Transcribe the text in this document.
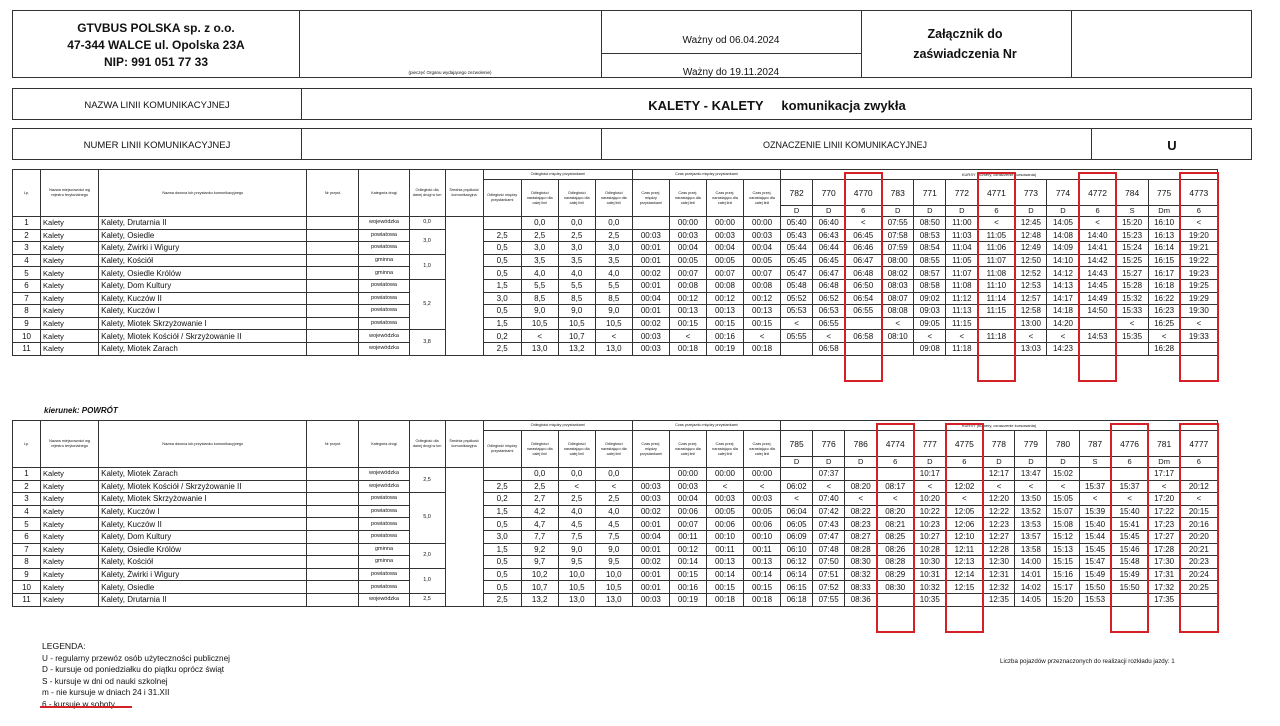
GTVBUS POLSKA sp. z o.o.
47-344 WALCE ul. Opolska 23A
NIP: 991 051 77 33
(pieczęć Organu wydającego zezwolenie)
Ważny od 06.04.2024
Ważny do 19.11.2024
Załącznik do
zaświadczenia Nr
NAZWA LINII KOMUNIKACYJNEJ	KALETY - KALETY     komunikacja zwykła
NUMER LINII KOMUNIKACYJNEJ	OZNACZENIE LINII KOMUNIKACYJNEJ	U
Lp.	Nazwa miejscowości wg rejestru terytorialnego	Nazwa dworca lub przystanku komunikacyjnego	Nr przyst.	Kategoria drogi	Odległość dla danej drogi w km	Średnia prędkość komunikacyjna	Odległości między przystankami				Czas przejazdu między przystankami				KURSY (numery, oznaczenie kursowania)												
							Odległość między przystankami	Odległości narastająco dla całej linii	Odległości narastająco dla całej linii	Odległości narastająco dla całej linii	Czas przej. między przystankami	Czas przej. narastająco dla całej linii	Czas przej. narastająco dla całej linii	Czas przej. narastająco dla całej linii	782	770	4770	783	771	772	4771	773	774	4772	784	775	4773
															D	D	6	D	D	D	6	D	D	6	S	Dm	6
1	Kalety	Kalety, Drutarnia II		wojewódzka	0,0			0,0	0,0	0,0		00:00	00:00	00:00	05:40	06:40	<	07:55	08:50	11:00	<	12:45	14:05	<	15:20	16:10	<
2	Kalety	Kalety, Osiedle		powiatowa	3,0		2,5	2,5	2,5	2,5	00:03	00:03	00:03	00:03	05:43	06:43	06:45	07:58	08:53	11:03	11:05	12:48	14:08	14:40	15:23	16:13	19:20
3	Kalety	Kalety, Żwirki i Wigury		powiatowa			0,5	3,0	3,0	3,0	00:01	00:04	00:04	00:04	05:44	06:44	06:46	07:59	08:54	11:04	11:06	12:49	14:09	14:41	15:24	16:14	19:21
4	Kalety	Kalety, Kościół		gminna	1,0		0,5	3,5	3,5	3,5	00:01	00:05	00:05	00:05	05:45	06:45	06:47	08:00	08:55	11:05	11:07	12:50	14:10	14:42	15:25	16:15	19:22
5	Kalety	Kalety, Osiedle Królów		gminna			0,5	4,0	4,0	4,0	00:02	00:07	00:07	00:07	05:47	06:47	06:48	08:02	08:57	11:07	11:08	12:52	14:12	14:43	15:27	16:17	19:23
6	Kalety	Kalety, Dom Kultury		powiatowa	5,2		1,5	5,5	5,5	5,5	00:01	00:08	00:08	00:08	05:48	06:48	06:50	08:03	08:58	11:08	11:10	12:53	14:13	14:45	15:28	16:18	19:25
7	Kalety	Kalety, Kuczów II		powiatowa			3,0	8,5	8,5	8,5	00:04	00:12	00:12	00:12	05:52	06:52	06:54	08:07	09:02	11:12	11:14	12:57	14:17	14:49	15:32	16:22	19:29
8	Kalety	Kalety, Kuczów I		powiatowa			0,5	9,0	9,0	9,0	00:01	00:13	00:13	00:13	05:53	06:53	06:55	08:08	09:03	11:13	11:15	12:58	14:18	14:50	15:33	16:23	19:30
9	Kalety	Kalety, Miotek Skrzyżowanie I		powiatowa			1,5	10,5	10,5	10,5	00:02	00:15	00:15	00:15	<	06:55		<	09:05	11:15		13:00	14:20		<	16:25	<
10	Kalety	Kalety, Miotek Kościół / Skrzyżowanie II		wojewódzka	3,8		0,2	<	10,7	<	00:03	<	00:16	<	05:55	<	06:58	08:10	<	<	11:18	<	<	14:53	15:35	<	19:33
11	Kalety	Kalety, Miotek Zarach		wojewódzka			2,5	13,0	13,2	13,0	00:03	00:18	00:19	00:18		06:58			09:08	11:18		13:03	14:23			16:28	
kierunek: POWRÓT
Lp.	Nazwa miejscowości wg rejestru terytorialnego	Nazwa dworca lub przystanku komunikacyjnego	Nr przyst.	Kategoria drogi	Odległość dla danej drogi w km	Średnia prędkość komunikacyjna	Odległości między przystankami				Czas przejazdu między przystankami				KURSY (numery, oznaczenie kursowania)												
							Odległość między przystankami	Odległości narastająco dla całej linii	Odległości narastająco dla całej linii	Odległości narastająco dla całej linii	Czas przej. między przystankami	Czas przej. narastająco dla całej linii	Czas przej. narastająco dla całej linii	Czas przej. narastająco dla całej linii	785	776	786	4774	777	4775	778	779	780	787	4776	781	4777
															D	D	D	6	D	6	D	D	D	S	6	Dm	6
1	Kalety	Kalety, Miotek Zarach		wojewódzka	2,5			0,0	0,0	0,0		00:00	00:00	00:00		07:37			10:17		12:17	13:47	15:02			17:17	
2	Kalety	Kalety, Miotek Kościół / Skrzyżowanie II		wojewódzka			2,5	2,5	<	<	00:03	00:03	<	<	06:02	<	08:20	08:17	<	12:02	<	<	<	15:37	15:37	<	20:12
3	Kalety	Kalety, Miotek Skrzyżowanie I		powiatowa	5,0		0,2	2,7	2,5	2,5	00:03	00:04	00:03	00:03	<	07:40	<	<	10:20	<	12:20	13:50	15:05	<	<	17:20	<
4	Kalety	Kalety, Kuczów I		powiatowa			1,5	4,2	4,0	4,0	00:02	00:06	00:05	00:05	06:04	07:42	08:22	08:20	10:22	12:05	12:22	13:52	15:07	15:39	15:40	17:22	20:15
5	Kalety	Kalety, Kuczów II		powiatowa			0,5	4,7	4,5	4,5	00:01	00:07	00:06	00:06	06:05	07:43	08:23	08:21	10:23	12:06	12:23	13:53	15:08	15:40	15:41	17:23	20:16
6	Kalety	Kalety, Dom Kultury		powiatowa			3,0	7,7	7,5	7,5	00:04	00:11	00:10	00:10	06:09	07:47	08:27	08:25	10:27	12:10	12:27	13:57	15:12	15:44	15:45	17:27	20:20
7	Kalety	Kalety, Osiedle Królów		gminna	2,0		1,5	9,2	9,0	9,0	00:01	00:12	00:11	00:11	06:10	07:48	08:28	08:26	10:28	12:11	12:28	13:58	15:13	15:45	15:46	17:28	20:21
8	Kalety	Kalety, Kościół		gminna			0,5	9,7	9,5	9,5	00:02	00:14	00:13	00:13	06:12	07:50	08:30	08:28	10:30	12:13	12:30	14:00	15:15	15:47	15:48	17:30	20:23
9	Kalety	Kalety, Żwirki i Wigury		powiatowa	1,0		0,5	10,2	10,0	10,0	00:01	00:15	00:14	00:14	06:14	07:51	08:32	08:29	10:31	12:14	12:31	14:01	15:16	15:49	15:49	17:31	20:24
10	Kalety	Kalety, Osiedle		powiatowa			0,5	10,7	10,5	10,5	00:01	00:16	00:15	00:15	06:15	07:52	08:33	08:30	10:32	12:15	12:32	14:02	15:17	15:50	15:50	17:32	20:25
11	Kalety	Kalety, Drutarnia II		wojewódzka	2,5		2,5	13,2	13,0	13,0	00:03	00:19	00:18	00:18	06:18	07:55	08:36		10:35		12:35	14:05	15:20	15:53		17:35	
LEGENDA:
U - regularny przewóz osób użyteczności publicznej
D - kursuje od poniedziałku do piątku oprócz świąt
S - kursuje w dni od nauki szkolnej
m - nie kursuje w dniach 24 i 31.XII
6 - kursuje w soboty
Liczba pojazdów przeznaczonych do realizacji rozkładu jazdy: 1
